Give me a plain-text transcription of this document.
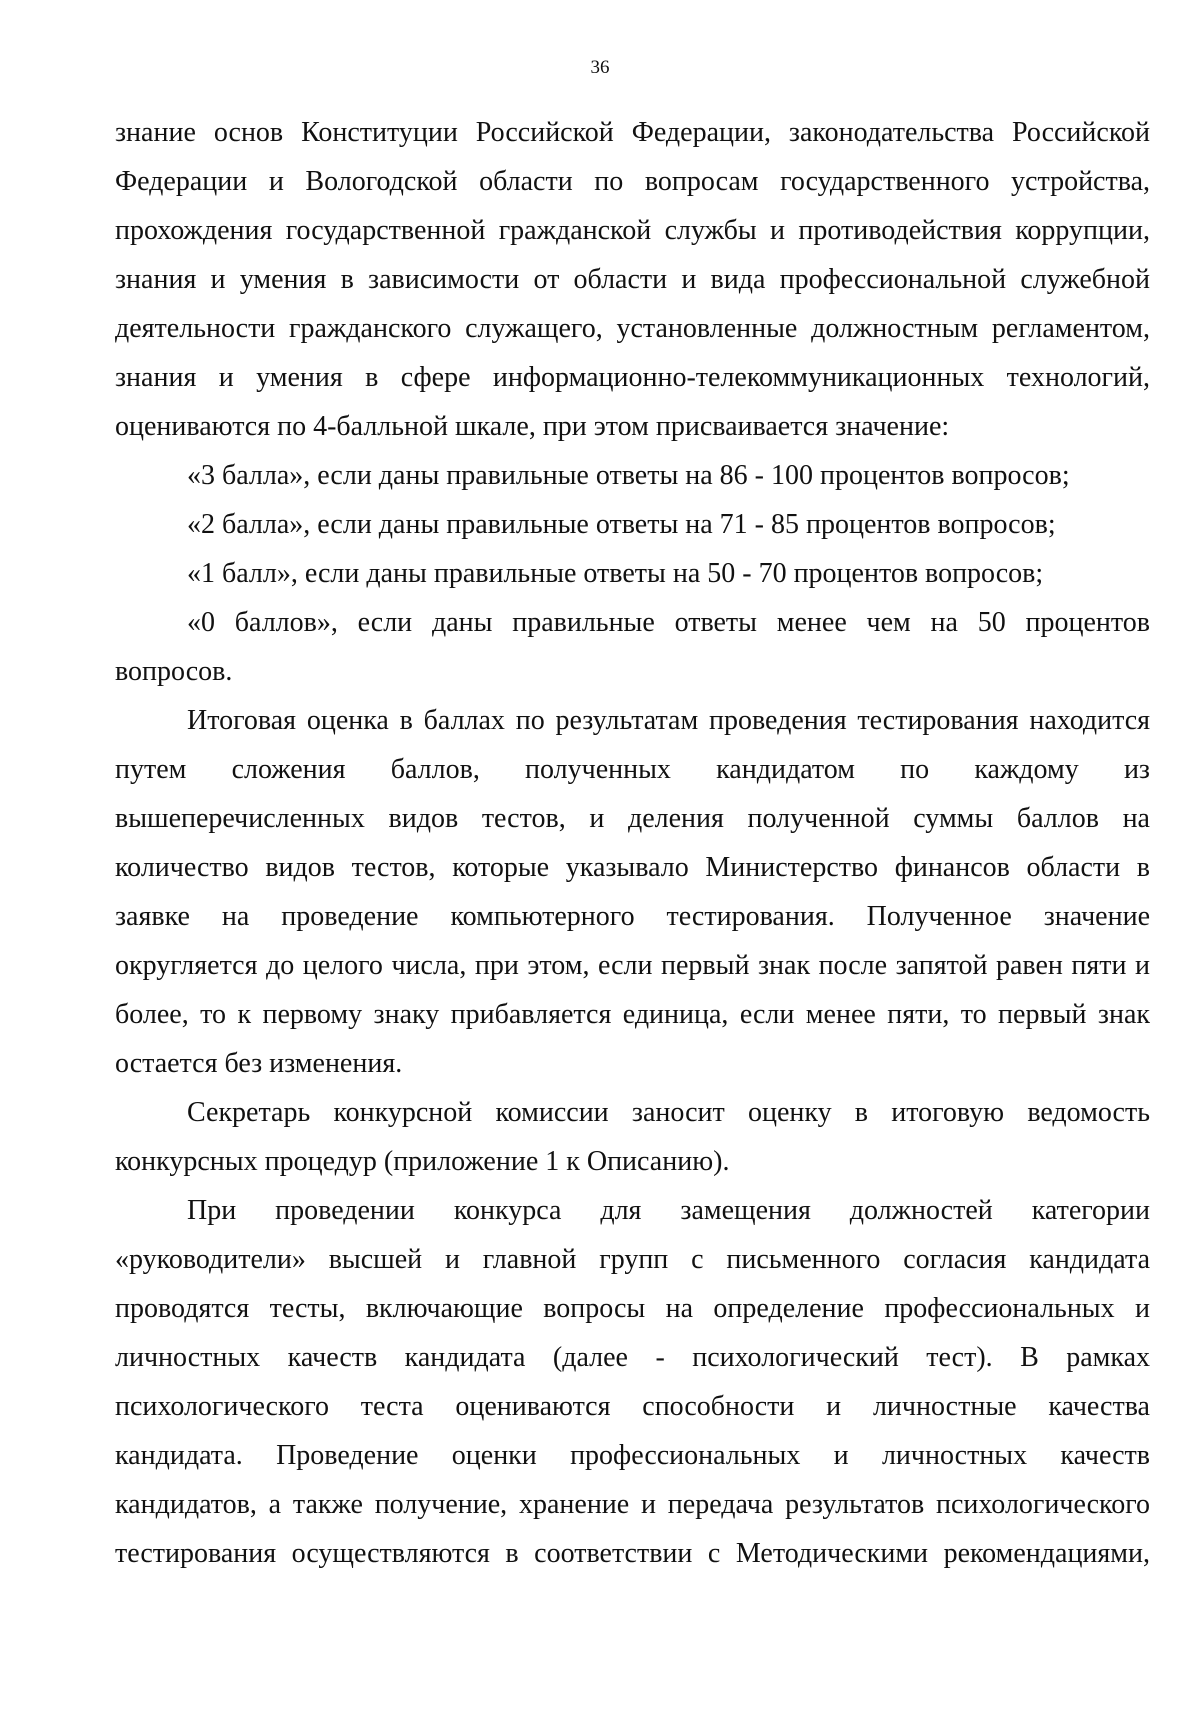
36
знание основ Конституции Российской Федерации, законодательства Российской
Федерации и Вологодской области по вопросам государственного устройства,
прохождения государственной гражданской службы и противодействия коррупции,
знания и умения в зависимости от области и вида профессиональной служебной
деятельности гражданского служащего, установленные должностным регламентом,
знания и умения в сфере информационно-телекоммуникационных технологий,
оцениваются по 4-балльной шкале, при этом присваивается значение:
«3 балла», если даны правильные ответы на 86 - 100 процентов вопросов;
«2 балла», если даны правильные ответы на 71 - 85 процентов вопросов;
«1 балл», если даны правильные ответы на 50 - 70 процентов вопросов;
«0 баллов», если даны правильные ответы менее чем на 50 процентов
вопросов.
Итоговая оценка в баллах по результатам проведения тестирования находится
путем сложения баллов, полученных кандидатом по каждому из
вышеперечисленных видов тестов, и деления полученной суммы баллов на
количество видов тестов, которые указывало Министерство финансов области в
заявке на проведение компьютерного тестирования. Полученное значение
округляется до целого числа, при этом, если первый знак после запятой равен пяти и
более, то к первому знаку прибавляется единица, если менее пяти, то первый знак
остается без изменения.
Секретарь конкурсной комиссии заносит оценку в итоговую ведомость
конкурсных процедур (приложение 1 к Описанию).
При проведении конкурса для замещения должностей категории
«руководители» высшей и главной групп с письменного согласия кандидата
проводятся тесты, включающие вопросы на определение профессиональных и
личностных качеств кандидата (далее - психологический тест). В рамках
психологического теста оцениваются способности и личностные качества
кандидата. Проведение оценки профессиональных и личностных качеств
кандидатов, а также получение, хранение и передача результатов психологического
тестирования осуществляются в соответствии с Методическими рекомендациями,
